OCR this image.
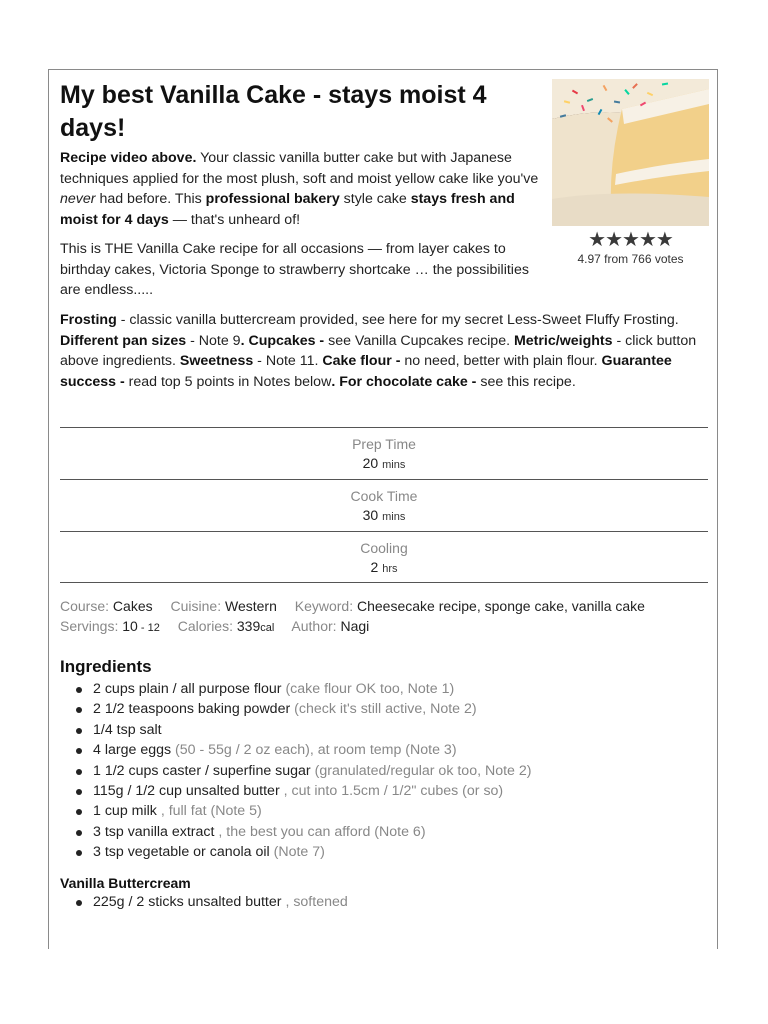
My best Vanilla Cake - stays moist 4 days!
★★★★★
4.97 from 766 votes

Recipe video above. Your classic vanilla butter cake but with Japanese techniques applied for the most plush, soft and moist yellow cake like you've never had before. This professional bakery style cake stays fresh and moist for 4 days — that's unheard of!

This is THE Vanilla Cake recipe for all occasions — from layer cakes to birthday cakes, Victoria Sponge to strawberry shortcake … the possibilities are endless.....

Frosting - classic vanilla buttercream provided, see here for my secret Less-Sweet Fluffy Frosting. Different pan sizes - Note 9. Cupcakes - see Vanilla Cupcakes recipe. Metric/weights - click button above ingredients. Sweetness - Note 11. Cake flour - no need, better with plain flour. Guarantee success - read top 5 points in Notes below. For chocolate cake - see this recipe.

Prep Time
20 mins
Cook Time
30 mins
Cooling
2 hrs
Course: Cakes Cuisine: Western Keyword: Cheesecake recipe, sponge cake, vanilla cake
Servings: 10 - 12 Calories: 339cal Author: Nagi
Ingredients
2 cups plain / all purpose flour (cake flour OK too, Note 1)
2 1/2 teaspoons baking powder (check it's still active, Note 2)
1/4 tsp salt
4 large eggs (50 - 55g / 2 oz each), at room temp (Note 3)
1 1/2 cups caster / superfine sugar (granulated/regular ok too, Note 2)
115g / 1/2 cup unsalted butter , cut into 1.5cm / 1/2" cubes (or so)
1 cup milk , full fat (Note 5)
3 tsp vanilla extract , the best you can afford (Note 6)
3 tsp vegetable or canola oil (Note 7)
Vanilla Buttercream
225g / 2 sticks unsalted butter , softened
